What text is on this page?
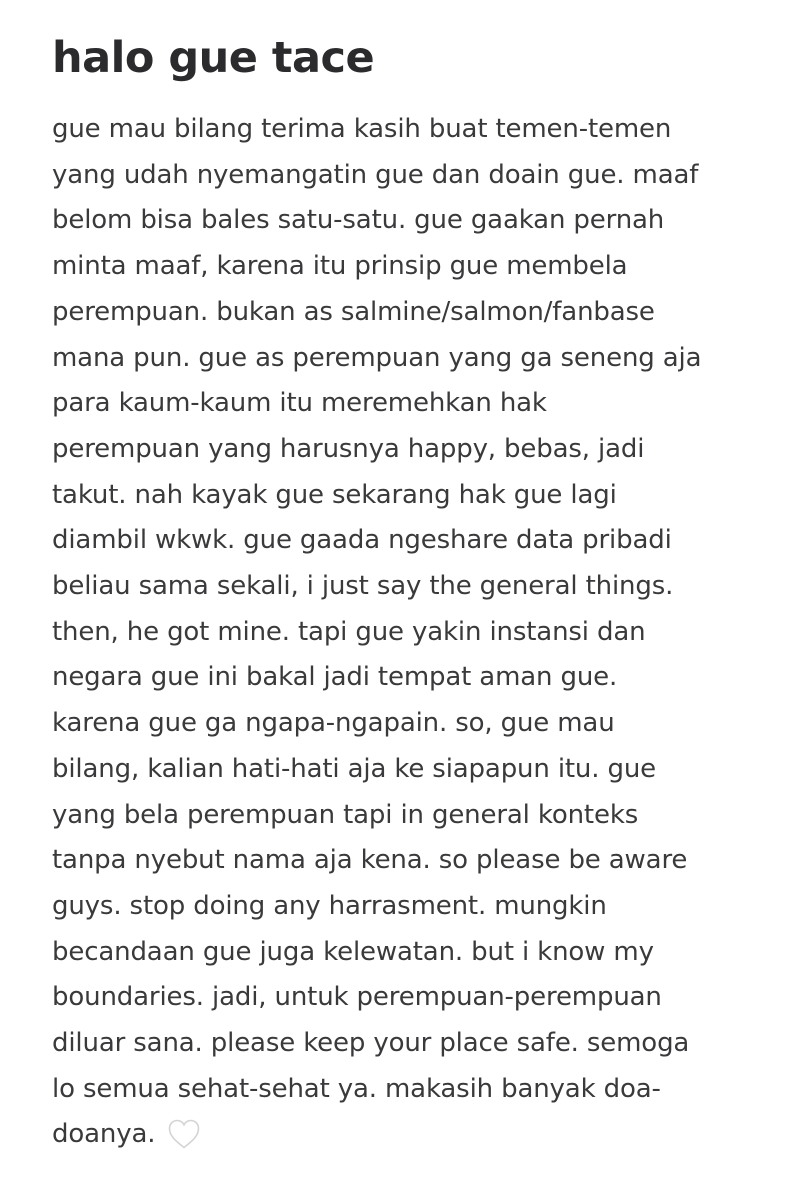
halo gue tace
gue mau bilang terima kasih buat temen-temen
yang udah nyemangatin gue dan doain gue. maaf
belom bisa bales satu-satu. gue gaakan pernah
minta maaf, karena itu prinsip gue membela
perempuan. bukan as salmine/salmon/fanbase
mana pun. gue as perempuan yang ga seneng aja
para kaum-kaum itu meremehkan hak
perempuan yang harusnya happy, bebas, jadi
takut. nah kayak gue sekarang hak gue lagi
diambil wkwk. gue gaada ngeshare data pribadi
beliau sama sekali, i just say the general things.
then, he got mine. tapi gue yakin instansi dan
negara gue ini bakal jadi tempat aman gue.
karena gue ga ngapa-ngapain. so, gue mau
bilang, kalian hati-hati aja ke siapapun itu. gue
yang bela perempuan tapi in general konteks
tanpa nyebut nama aja kena. so please be aware
guys. stop doing any harrasment. mungkin
becandaan gue juga kelewatan. but i know my
boundaries. jadi, untuk perempuan-perempuan
diluar sana. please keep your place safe. semoga
lo semua sehat-sehat ya. makasih banyak doa-
doanya.
